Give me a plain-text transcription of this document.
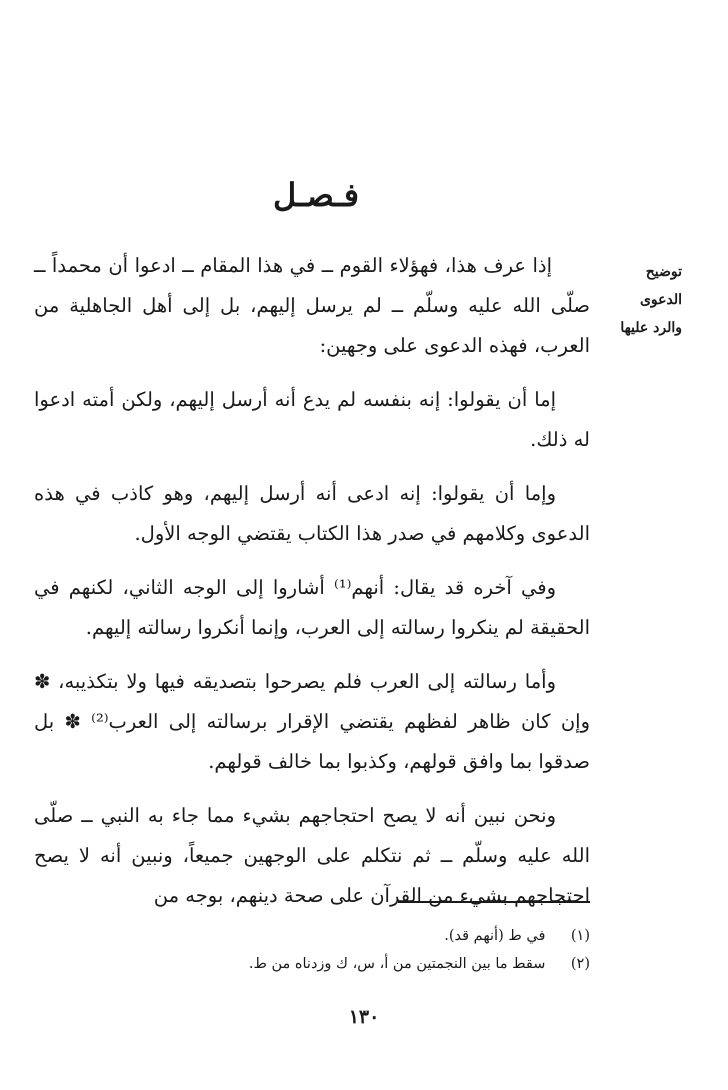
فـصـل
توضيح الدعوى
والرد عليها

إذا عرف هذا، فهؤلاء القوم ــ في هذا المقام ــ ادعوا أن محمداً ــ صلّى الله عليه وسلّم ــ لم يرسل إليهم، بل إلى أهل الجاهلية من العرب، فهذه الدعوى على وجهين:

إما أن يقولوا: إنه بنفسه لم يدع أنه أرسل إليهم، ولكن أمته ادعوا له ذلك.

وإما أن يقولوا: إنه ادعى أنه أرسل إليهم، وهو كاذب في هذه الدعوى وكلامهم في صدر هذا الكتاب يقتضي الوجه الأول.

وفي آخره قد يقال: أنهم⁽¹⁾ أشاروا إلى الوجه الثاني، لكنهم في الحقيقة لم ينكروا رسالته إلى العرب، وإنما أنكروا رسالته إليهم.

وأما رسالته إلى العرب فلم يصرحوا بتصديقه فيها ولا بتكذيبه، ✽ وإن كان ظاهر لفظهم يقتضي الإقرار برسالته إلى العرب⁽²⁾ ✽ بل صدقوا بما وافق قولهم، وكذبوا بما خالف قولهم.

ونحن نبين أنه لا يصح احتجاجهم بشيء مما جاء به النبي ــ صلّى الله عليه وسلّم ــ ثم نتكلم على الوجهين جميعاً، ونبين أنه لا يصح احتجاجهم بشيء من القرآن على صحة دينهم، بوجه من

(١) في ط (أنهم قد).
(٢) سقط ما بين النجمتين من أ، س، ك وزدناه من ط.
١٣٠
